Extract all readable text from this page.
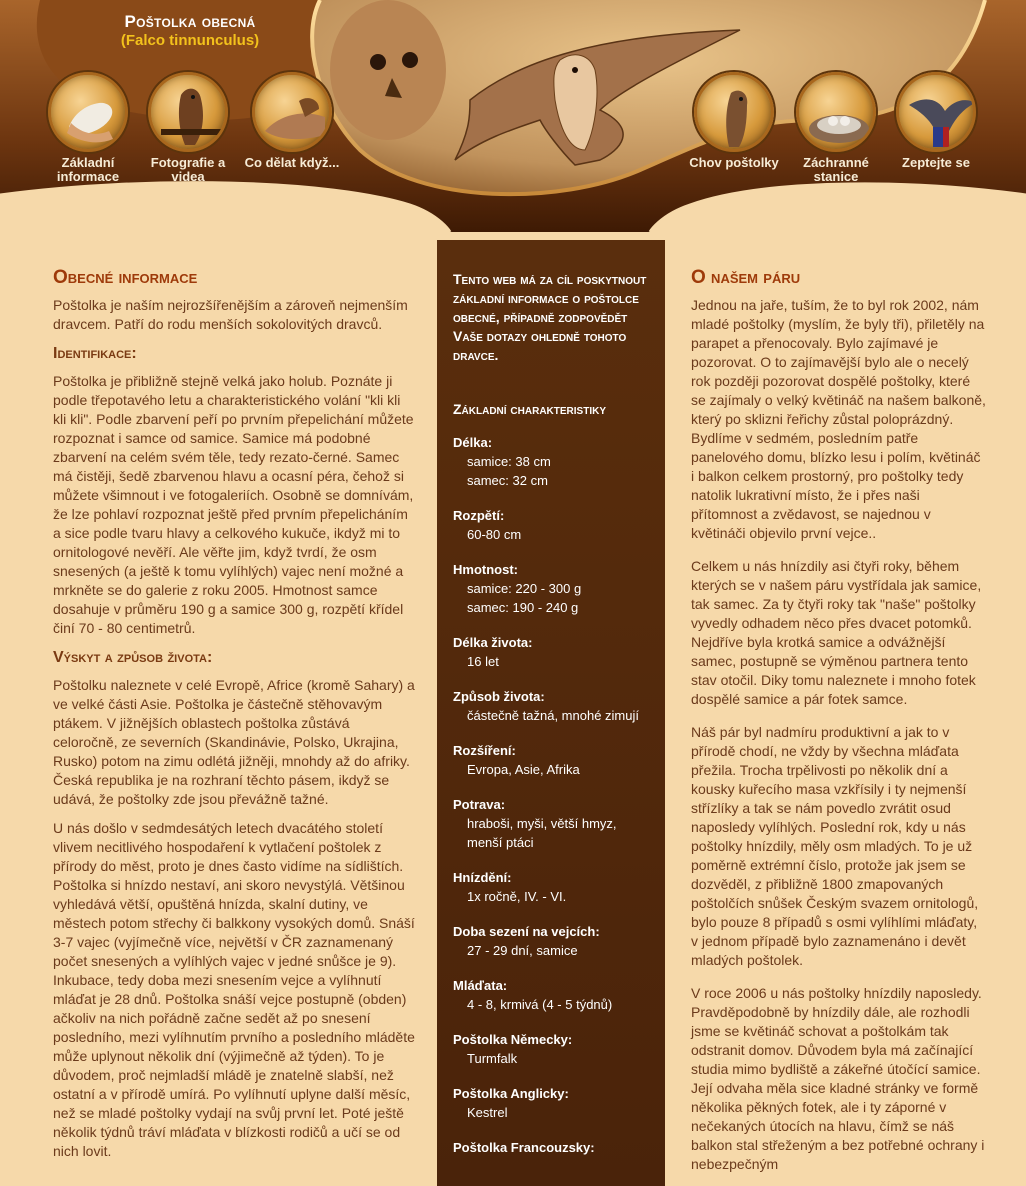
Poštolka obecná
(Falco tinnunculus)
Základní informace
Fotografie a videa
Co dělat když...	Chov poštolky	Záchranné stanice
Zeptejte se
Obecné informace

Poštolka je naším nejrozšířenějším a zároveň nejmenším dravcem. Patří do rodu menších sokolovitých dravců.

Identifikace:

Poštolka je přibližně stejně velká jako holub. Poznáte ji podle třepotavého letu a charakteristického volání "kli kli kli kli". Podle zbarvení peří po prvním přepelichání můžete rozpoznat i samce od samice. Samice má podobné zbarvení na celém svém těle, tedy rezato-černé. Samec má čistěji, šedě zbarvenou hlavu a ocasní péra, čehož si můžete všimnout i ve fotogaleriích. Osobně se domnívám, že lze pohlaví rozpoznat ještě před prvním přepelicháním a sice podle tvaru hlavy a celkového kukuče, ikdyž mi to ornitologové nevěří. Ale věřte jim, když tvrdí, že osm snesených (a ještě k tomu vylíhlých) vajec není možné a mrkněte se do galerie z roku 2005. Hmotnost samce dosahuje v průměru 190 g a samice 300 g, rozpětí křídel činí 70 - 80 centimetrů.

Výskyt a způsob života:

Poštolku naleznete v celé Evropě, Africe (kromě Sahary) a ve velké části Asie. Poštolka je částečně stěhovavým ptákem. V jižnějších oblastech poštolka zůstává celoročně, ze severních (Skandinávie, Polsko, Ukrajina, Rusko) potom na zimu odlétá jižněji, mnohdy až do afriky. Česká republika je na rozhraní těchto pásem, ikdyž se udává, že poštolky zde jsou převážně tažné.

U nás došlo v sedmdesátých letech dvacátého století vlivem necitlivého hospodaření k vytlačení poštolek z přírody do měst, proto je dnes často vidíme na sídlištích. Poštolka si hnízdo nestaví, ani skoro nevystýlá. Většinou vyhledává větší, opuštěná hnízda, skalní dutiny, ve městech potom střechy či balkkony vysokých domů. Snáší 3-7 vajec (vyjímečně více, největší v ČR zaznamenaný počet snesených a vylíhlých vajec v jedné snůšce je 9). Inkubace, tedy doba mezi snesením vejce a vylíhnutí mláďat je 28 dnů. Poštolka snáší vejce postupně (obden) ačkoliv na nich pořádně začne sedět až po snesení posledního, mezi vylíhnutím prvního a posledního mláděte může uplynout několik dní (výjimečně až týden). To je důvodem, proč nejmladší mládě je znatelně slabší, než ostatní a v přírodě umírá. Po vylíhnutí uplyne další měsíc, než se mladé poštolky vydají na svůj první let. Poté ještě několik týdnů tráví mláďata v blízkosti rodičů a učí se od nich lovit.

Tento web má za cíl poskytnout základní informace o poštolce obecné, případně zodpovědět Vaše dotazy ohledně tohoto dravce.
Základní charakteristiky
Délka:
samice: 38 cm
samec: 32 cm
Rozpětí:
60-80 cm
Hmotnost:
samice: 220 - 300 g
samec: 190 - 240 g
Délka života:
16 let
Způsob života:
částečně tažná, mnohé zimují
Rozšíření:
Evropa, Asie, Afrika
Potrava:
hraboši, myši, větší hmyz, menší ptáci
Hnízdění:
1x ročně, IV. - VI.
Doba sezení na vejcích:
27 - 29 dní, samice
Mláďata:
4 - 8, krmivá (4 - 5 týdnů)
Poštolka Německy:
Turmfalk
Poštolka Anglicky:
Kestrel
Poštolka Francouzsky:
O našem páru

Jednou na jaře, tuším, že to byl rok 2002, nám mladé poštolky (myslím, že byly tři), přiletěly na parapet a přenocovaly. Bylo zajímavé je pozorovat. O to zajímavější bylo ale o necelý rok později pozorovat dospělé poštolky, které se zajímaly o velký květináč na našem balkoně, který po sklizni řeřichy zůstal poloprázdný. Bydlíme v sedmém, posledním patře panelového domu, blízko lesu i polím, květináč i balkon celkem prostorný, pro poštolky tedy natolik lukrativní místo, že i přes naši přítomnost a zvědavost, se najednou v květináči objevilo první vejce..

Celkem u nás hnízdily asi čtyři roky, během kterých se v našem páru vystřídala jak samice, tak samec. Za ty čtyři roky tak "naše" poštolky vyvedly odhadem něco přes dvacet potomků. Nejdříve byla krotká samice a odvážnější samec, postupně se výměnou partnera tento stav otočil. Diky tomu naleznete i mnoho fotek dospělé samice a pár fotek samce.

Náš pár byl nadmíru produktivní a jak to v přírodě chodí, ne vždy by všechna mláďata přežila. Trocha trpělivosti po několik dní a kousky kuřecího masa vzkřísily i ty nejmenší střízlíky a tak se nám povedlo zvrátit osud naposledy vylíhlých. Poslední rok, kdy u nás poštolky hnízdily, měly osm mladých. To je už poměrně extrémní číslo, protože jak jsem se dozvěděl, z přibližně 1800 zmapovaných poštolčích snůšek Českým svazem ornitologů, bylo pouze 8 případů s osmi vylíhlími mláďaty, v jednom případě bylo zaznamenáno i devět mladých poštolek.

V roce 2006 u nás poštolky hnízdily naposledy. Pravděpodobně by hnízdily dále, ale rozhodli jsme se květináč schovat a poštolkám tak odstranit domov. Důvodem byla má začínající studia mimo bydliště a zákeřné útočící samice. Její odvaha měla sice kladné stránky ve formě několika pěkných fotek, ale i ty záporné v nečekaných útocích na hlavu, čímž se náš balkon stal střeženým a bez potřebné ochrany i nebezpečným
